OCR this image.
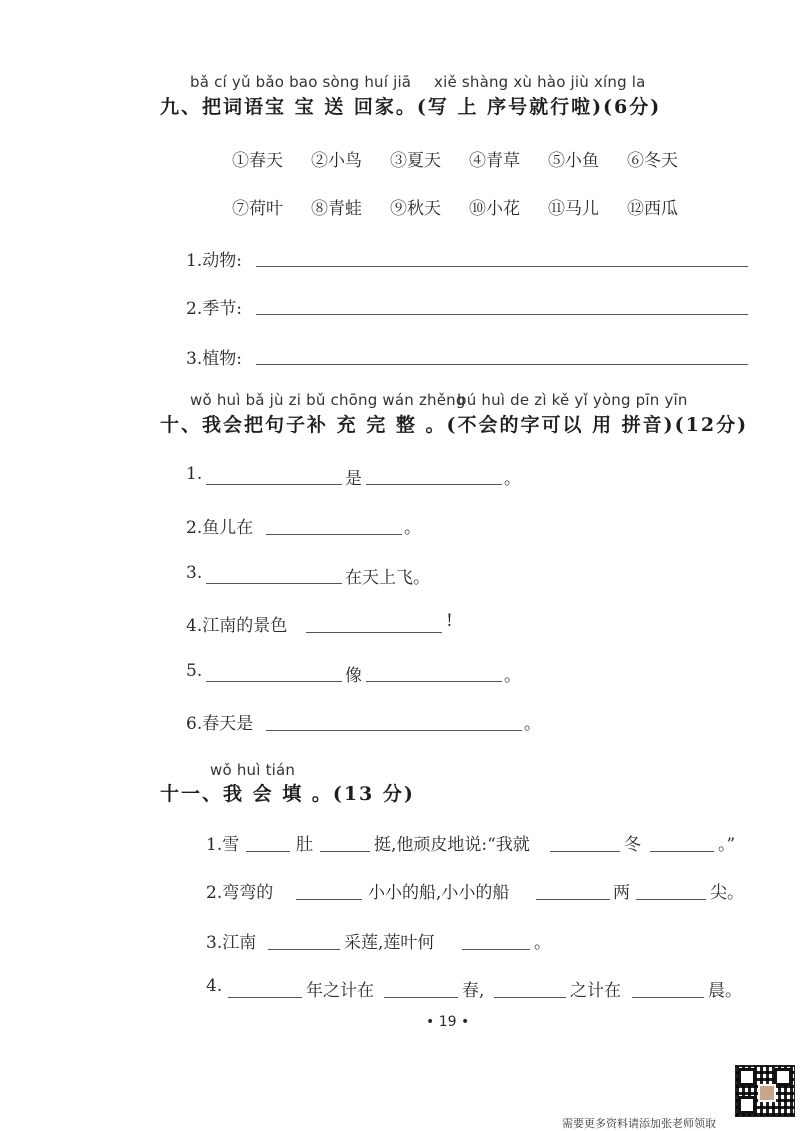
bǎ cí yǔ bǎo bao sòng huí jiā xiě shàng xù hào jiù xíng la
九、把词语宝 宝 送 回家。(写 上 序号就行啦)(6分)
①春天 ②小鸟 ③夏天 ④青草 ⑤小鱼 ⑥冬天
⑦荷叶 ⑧青蛙 ⑨秋天 ⑩小花 ⑪马儿 ⑫西瓜
1.动物:
2.季节:
3.植物:
wǒ huì bǎ jù zi bǔ chōng wán zhěng
bú huì de zì kě yǐ yòng pīn yīn
十、我会把句子补 充 完 整 。(不会的字可以 用 拼音)(12分)
1.	是	。
2.鱼儿在	。
3.	在天上飞。
4.江南的景色	!
5.	像	。
6.春天是	。
wǒ huì tián
十一、我 会 填 。(13 分)
1.雪	肚	挺,他顽皮地说:“我就	冬	。”
2.弯弯的	小小的船,小小的船	两	尖。
3.江南	采莲,莲叶何	。
4.	年之计在	春,	之计在	晨。
• 19 •
需要更多资料请添加张老师领取
